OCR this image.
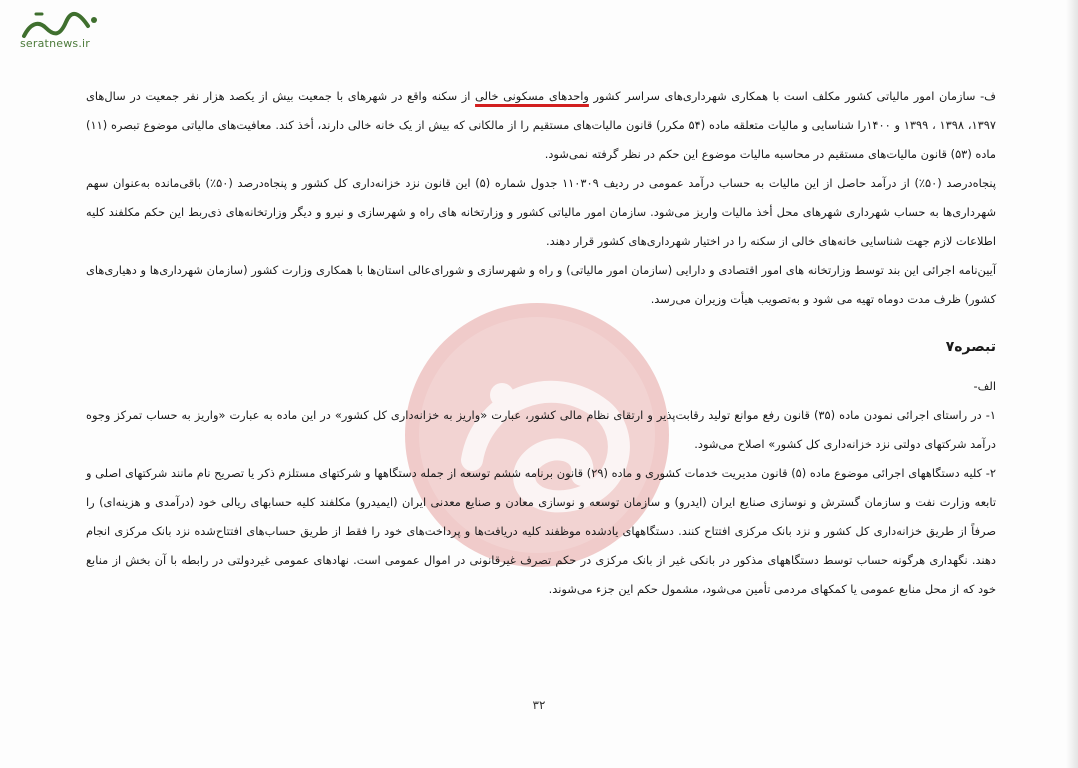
seratnews.ir

ف- سازمان امور مالیاتی کشور مکلف است با همکاری شهرداری‌های سراسر کشور واحدهای مسکونی خالی از سکنه واقع در شهرهای با جمعیت بیش از یکصد هزار نفر جمعیت در سال‌های ۱۳۹۷، ۱۳۹۸ ، ۱۳۹۹ و ۱۴۰۰را شناسایی و مالیات متعلقه ماده (۵۴ مکرر) قانون مالیات‌های مستقیم را از مالکانی که بیش از یک خانه خالی دارند، أخذ کند. معافیت‌های مالیاتی موضوع تبصره (۱۱) ماده (۵۳) قانون مالیات‌های مستقیم در محاسبه مالیات موضوع این حکم در نظر گرفته نمی‌شود.

پنجاه‌درصد (۵۰٪) از درآمد حاصل از این مالیات به حساب درآمد عمومی در ردیف ۱۱۰۳۰۹ جدول شماره (۵) این قانون نزد خزانه‌داری کل کشور و پنجاه‌درصد (۵۰٪) باقی‌مانده به‌عنوان سهم شهرداری‌ها به حساب شهرداری شهرهای محل أخذ مالیات واریز می‌شود. سازمان امور مالیاتی کشور و وزارتخانه های راه و شهرسازی و نیرو و دیگر وزارتخانه‌های ذی‌ربط این حکم مکلفند کلیه اطلاعات لازم جهت شناسایی خانه‌های خالی از سکنه را در اختیار شهرداری‌های کشور قرار دهند.

آیین‌نامه اجرائی این بند توسط وزارتخانه های امور اقتصادی و دارایی (سازمان امور مالیاتی) و راه و شهرسازی و شورای‌عالی استان‌ها با همکاری وزارت کشور (سازمان شهرداری‌ها و دهیاری‌های کشور) ظرف مدت دوماه تهیه می شود و به‌تصویب هیأت وزیران می‌رسد.

تبصره۷

الف-

۱- در راستای اجرائی نمودن ماده (۳۵) قانون رفع موانع تولید رقابت‌پذیر و ارتقای نظام مالی کشور، عبارت «واریز به خزانه‌داری کل کشور» در این ماده به عبارت «واریز به حساب تمرکز وجوه درآمد شرکتهای دولتی نزد خزانه‌داری کل کشور» اصلاح می‌شود.

۲- کلیه دستگاههای اجرائی موضوع ماده (۵) قانون مدیریت خدمات کشوری و ماده (۲۹) قانون برنامه ششم توسعه از جمله دستگاهها و شرکتهای مستلزم ذکر یا تصریح نام مانند شرکتهای اصلی و تابعه وزارت نفت و سازمان گسترش و نوسازی صنایع ایران (ایدرو) و سازمان توسعه و نوسازی معادن و صنایع معدنی ایران (ایمیدرو) مکلفند کلیه حسابهای ریالی خود (درآمدی و هزینه‌ای) را صرفاً از طریق خزانه‌داری کل کشور و نزد بانک مرکزی افتتاح کنند. دستگاههای یادشده موظفند کلیه دریافت‌ها و پرداخت‌های خود را فقط از طریق حساب‌های افتتاح‌شده نزد بانک مرکزی انجام دهند. نگهداری هرگونه حساب توسط دستگاههای مذکور در بانکی غیر از بانک مرکزی در حکم تصرف غیرقانونی در اموال عمومی است. نهادهای عمومی غیردولتی در رابطه با آن بخش از منابع خود که از محل منابع عمومی یا کمکهای مردمی تأمین می‌شود، مشمول حکم این جزء می‌شوند.

۳۲
